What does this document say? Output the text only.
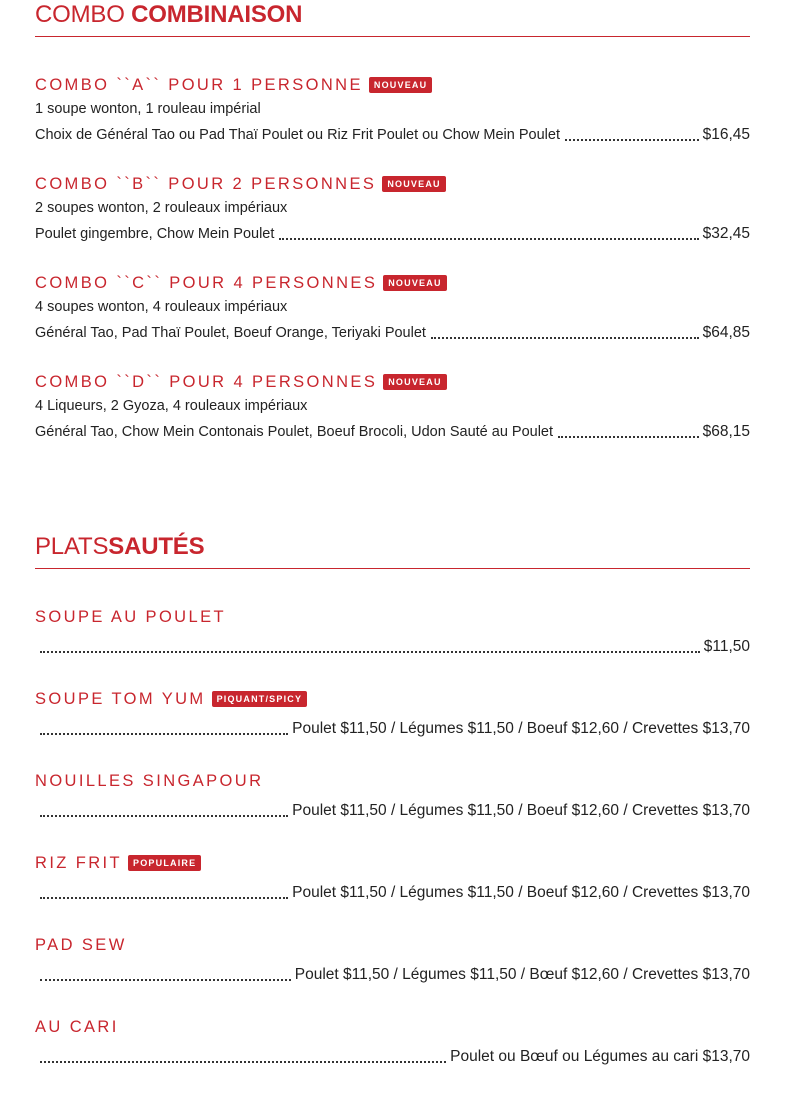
COMBO COMBINAISON
COMBO ``A`` POUR 1 PERSONNE	NOUVEAU
1 soupe wonton, 1 rouleau impérial
Choix de Général Tao ou Pad Thaï Poulet ou Riz Frit Poulet ou Chow Mein Poulet	$16,45
COMBO ``B`` POUR 2 PERSONNES	NOUVEAU
2 soupes wonton, 2 rouleaux impériaux
Poulet gingembre, Chow Mein Poulet	$32,45
COMBO ``C`` POUR 4 PERSONNES	NOUVEAU
4 soupes wonton, 4 rouleaux impériaux
Général Tao, Pad Thaï Poulet, Boeuf Orange, Teriyaki Poulet	$64,85
COMBO ``D`` POUR 4 PERSONNES	NOUVEAU
4 Liqueurs, 2 Gyoza, 4 rouleaux impériaux
Général Tao, Chow Mein Contonais Poulet, Boeuf Brocoli, Udon Sauté au Poulet	$68,15
PLATSSAUTÉS
SOUPE AU POULET
$11,50
SOUPE TOM YUM	PIQUANT/SPICY
Poulet $11,50 / Légumes $11,50 / Boeuf $12,60 / Crevettes $13,70
NOUILLES SINGAPOUR
Poulet $11,50 / Légumes $11,50 / Boeuf $12,60 / Crevettes $13,70
RIZ FRIT	POPULAIRE
Poulet $11,50 / Légumes $11,50 / Boeuf $12,60 / Crevettes $13,70
PAD SEW
Poulet $11,50 / Légumes $11,50 / Bœuf $12,60 / Crevettes $13,70
AU CARI
Poulet ou Bœuf ou Légumes au cari $13,70
